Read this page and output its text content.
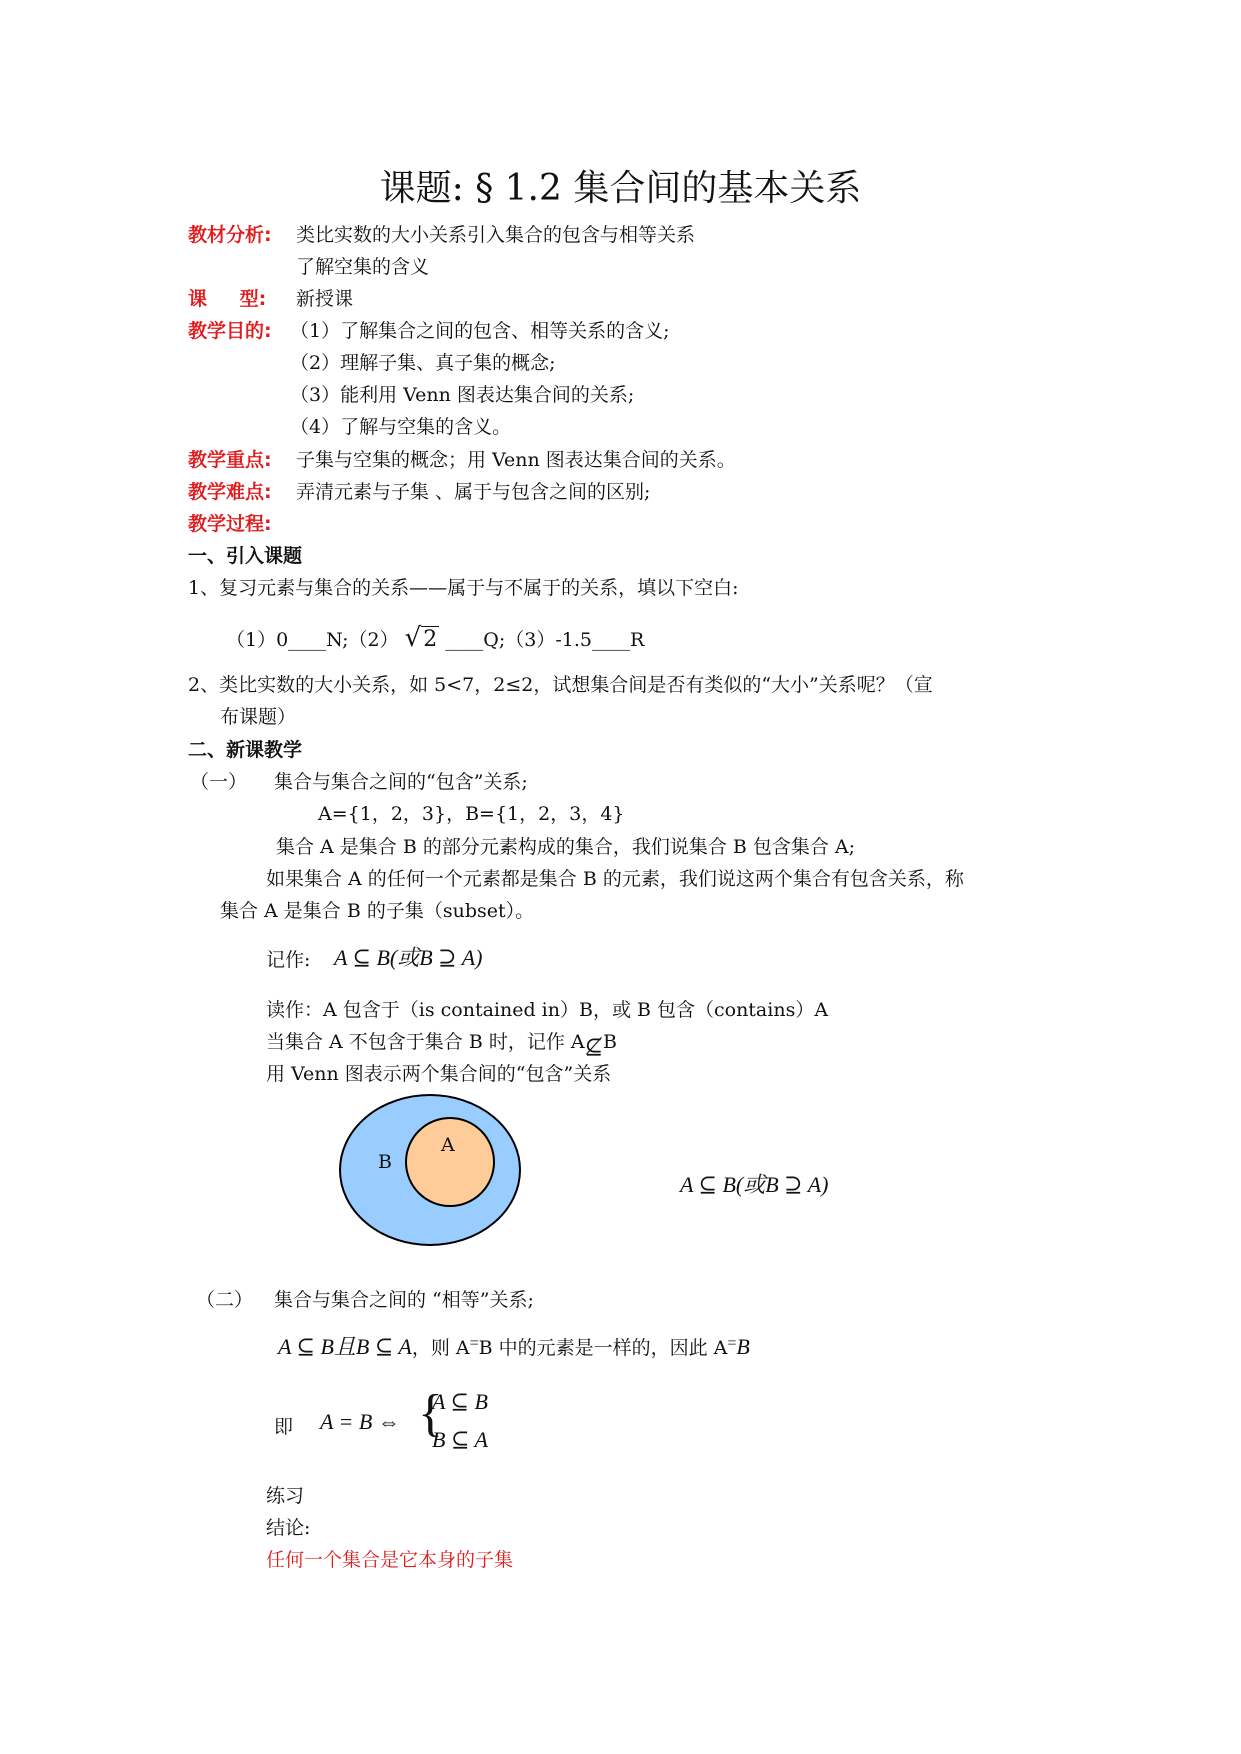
课题: § 1.2 集合间的基本关系
教材分析: 类比实数的大小关系引入集合的包含与相等关系
了解空集的含义
课 型: 新授课
教学目的: （1）了解集合之间的包含、相等关系的含义;
（2）理解子集、真子集的概念;
（3）能利用 Venn 图表达集合间的关系;
（4）了解与空集的含义。
教学重点: 子集与空集的概念；用 Venn 图表达集合间的关系。
教学难点: 弄清元素与子集 、属于与包含之间的区别;
教学过程:
一、引入课题
1、复习元素与集合的关系——属于与不属于的关系，填以下空白:
（1）0____N;（2） √2 ____Q;（3）-1.5____R
2、类比实数的大小关系，如 5<7，2≤2，试想集合间是否有类似的“大小”关系呢？（宣
布课题）
二、新课教学
（一） 集合与集合之间的“包含”关系;
A={1，2，3}，B={1，2，3，4}
集合 A 是集合 B 的部分元素构成的集合，我们说集合 B 包含集合 A;
如果集合 A 的任何一个元素都是集合 B 的元素，我们说这两个集合有包含关系，称
集合 A 是集合 B 的子集（subset）。
记作: A ⊆ B(或B ⊇ A)
读作：A 包含于（is contained in）B，或 B 包含（contains）A
当集合 A 不包含于集合 B 时，记作 A⊈B
用 Venn 图表示两个集合间的“包含”关系
B
A
A ⊆ B(或B ⊇ A)
（二） 集合与集合之间的 “相等”关系;
A ⊆ B且B ⊆ A，则 A=B 中的元素是一样的，因此 A=B
即 A = B ⇔ {
A ⊆ B
B ⊆ A
练习
结论:
任何一个集合是它本身的子集
